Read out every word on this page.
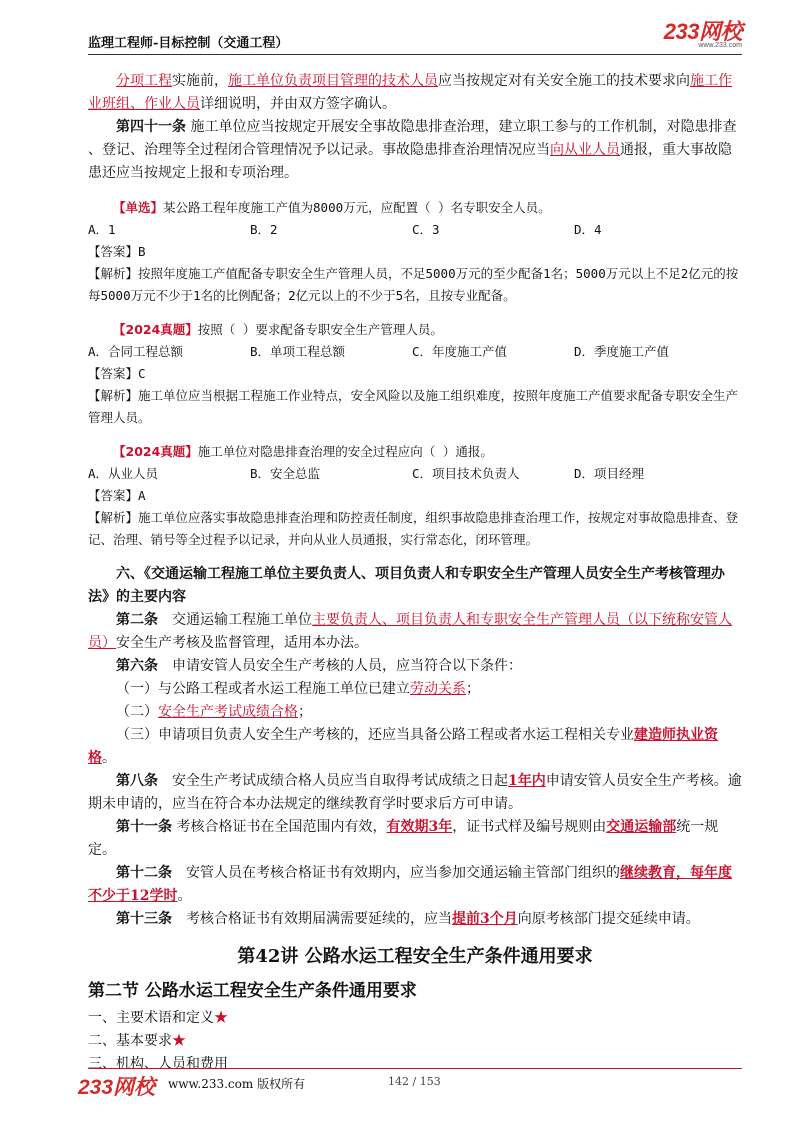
监理工程师-目标控制（交通工程）	233网校
www.233.com

分项工程实施前，施工单位负责项目管理的技术人员应当按规定对有关安全施工的技术要求向施工作业班组、作业人员详细说明，并由双方签字确认。

第四十一条 施工单位应当按规定开展安全事故隐患排查治理，建立职工参与的工作机制，对隐患排查 、登记、治理等全过程闭合管理情况予以记录。事故隐患排查治理情况应当向从业人员通报，重大事故隐患还应当按规定上报和专项治理。

【单选】某公路工程年度施工产值为8000万元，应配置（ ）名专职安全人员。

A．1	B．2	C．3	D．4

【答案】B

【解析】按照年度施工产值配备专职安全生产管理人员，不足5000万元的至少配备1名；5000万元以上不足2亿元的按每5000万元不少于1名的比例配备；2亿元以上的不少于5名，且按专业配备。

【2024真题】按照（ ）要求配备专职安全生产管理人员。

A．合同工程总额	B．单项工程总额	C．年度施工产值	D．季度施工产值

【答案】C

【解析】施工单位应当根据工程施工作业特点，安全风险以及施工组织难度，按照年度施工产值要求配备专职安全生产管理人员。

【2024真题】施工单位对隐患排查治理的安全过程应向（ ）通报。

A．从业人员	B．安全总监	C．项目技术负责人	D．项目经理

【答案】A

【解析】施工单位应落实事故隐患排查治理和防控责任制度，组织事故隐患排查治理工作，按规定对事故隐患排查、登记、治理、销号等全过程予以记录，并向从业人员通报，实行常态化，闭环管理。

六、《交通运输工程施工单位主要负责人、项目负责人和专职安全生产管理人员安全生产考核管理办法》的主要内容

第二条　交通运输工程施工单位主要负责人、项目负责人和专职安全生产管理人员（以下统称安管人员）安全生产考核及监督管理，适用本办法。

第六条　申请安管人员安全生产考核的人员，应当符合以下条件：

（一）与公路工程或者水运工程施工单位已建立劳动关系；

（二）安全生产考试成绩合格；

（三）申请项目负责人安全生产考核的，还应当具备公路工程或者水运工程相关专业建造师执业资格。

第八条　安全生产考试成绩合格人员应当自取得考试成绩之日起1年内申请安管人员安全生产考核。逾期未申请的，应当在符合本办法规定的继续教育学时要求后方可申请。

第十一条 考核合格证书在全国范围内有效，有效期3年，证书式样及编号规则由交通运输部统一规定。

第十二条　安管人员在考核合格证书有效期内，应当参加交通运输主管部门组织的继续教育，每年度不少于12学时。

第十三条　考核合格证书有效期届满需要延续的，应当提前3个月向原考核部门提交延续申请。

第42讲 公路水运工程安全生产条件通用要求
第二节 公路水运工程安全生产条件通用要求

一、主要术语和定义★

二、基本要求★

三、机构、人员和费用

233网校 www.233.com 版权所有	142 / 153
